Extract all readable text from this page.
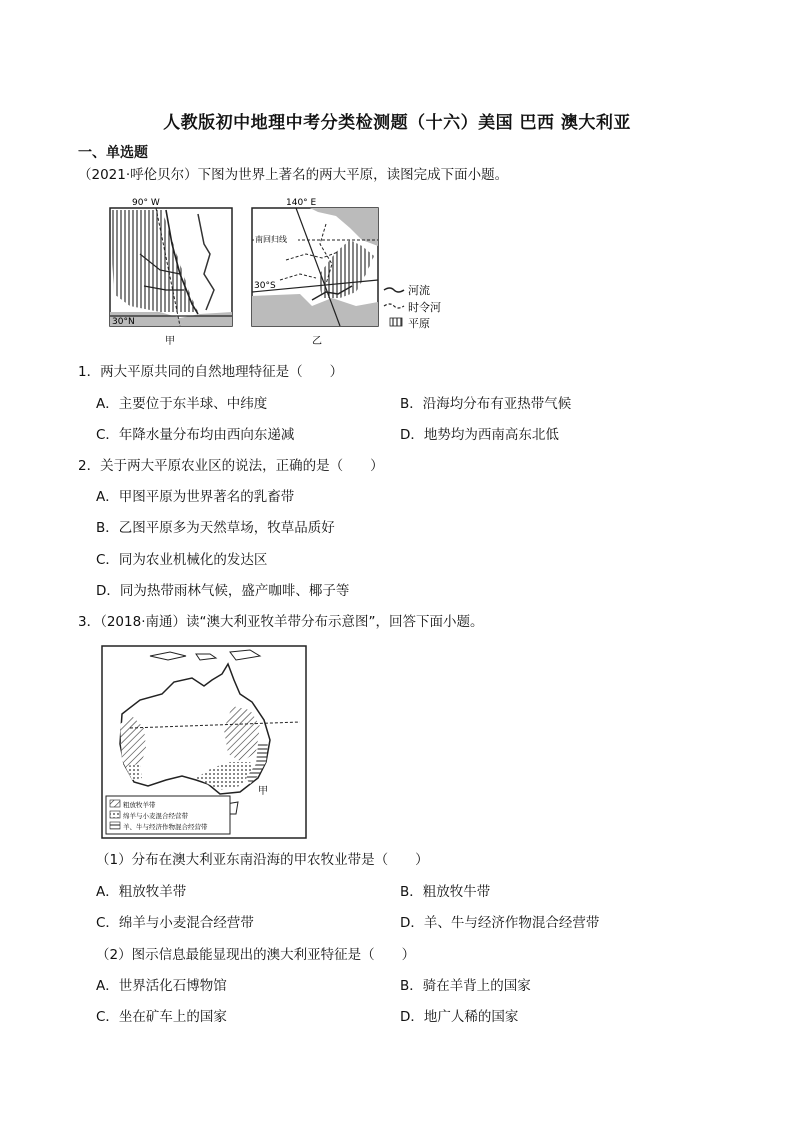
人教版初中地理中考分类检测题（十六）美国 巴西 澳大利亚
一、单选题
（2021·呼伦贝尔）下图为世界上著名的两大平原，读图完成下面小题。
90° W
30°N
甲
南回归线
140° E
30°S
乙
河流
时令河
平原
1．两大平原共同的自然地理特征是（　　）
A．主要位于东半球、中纬度	B．沿海均分布有亚热带气候
C．年降水量分布均由西向东递减	D．地势均为西南高东北低
2．关于两大平原农业区的说法，正确的是（　　）
A．甲图平原为世界著名的乳畜带
B．乙图平原多为天然草场，牧草品质好
C．同为农业机械化的发达区
D．同为热带雨林气候，盛产咖啡、椰子等
3．（2018·南通）读“澳大利亚牧羊带分布示意图”，回答下面小题。
甲
粗放牧羊带
绵羊与小麦混合经营带
羊、牛与经济作物混合经营带
（1）分布在澳大利亚东南沿海的甲农牧业带是（　　）
A．粗放牧羊带	B．粗放牧牛带
C．绵羊与小麦混合经营带	D．羊、牛与经济作物混合经营带
（2）图示信息最能显现出的澳大利亚特征是（　　）
A．世界活化石博物馆	B．骑在羊背上的国家
C．坐在矿车上的国家	D．地广人稀的国家
